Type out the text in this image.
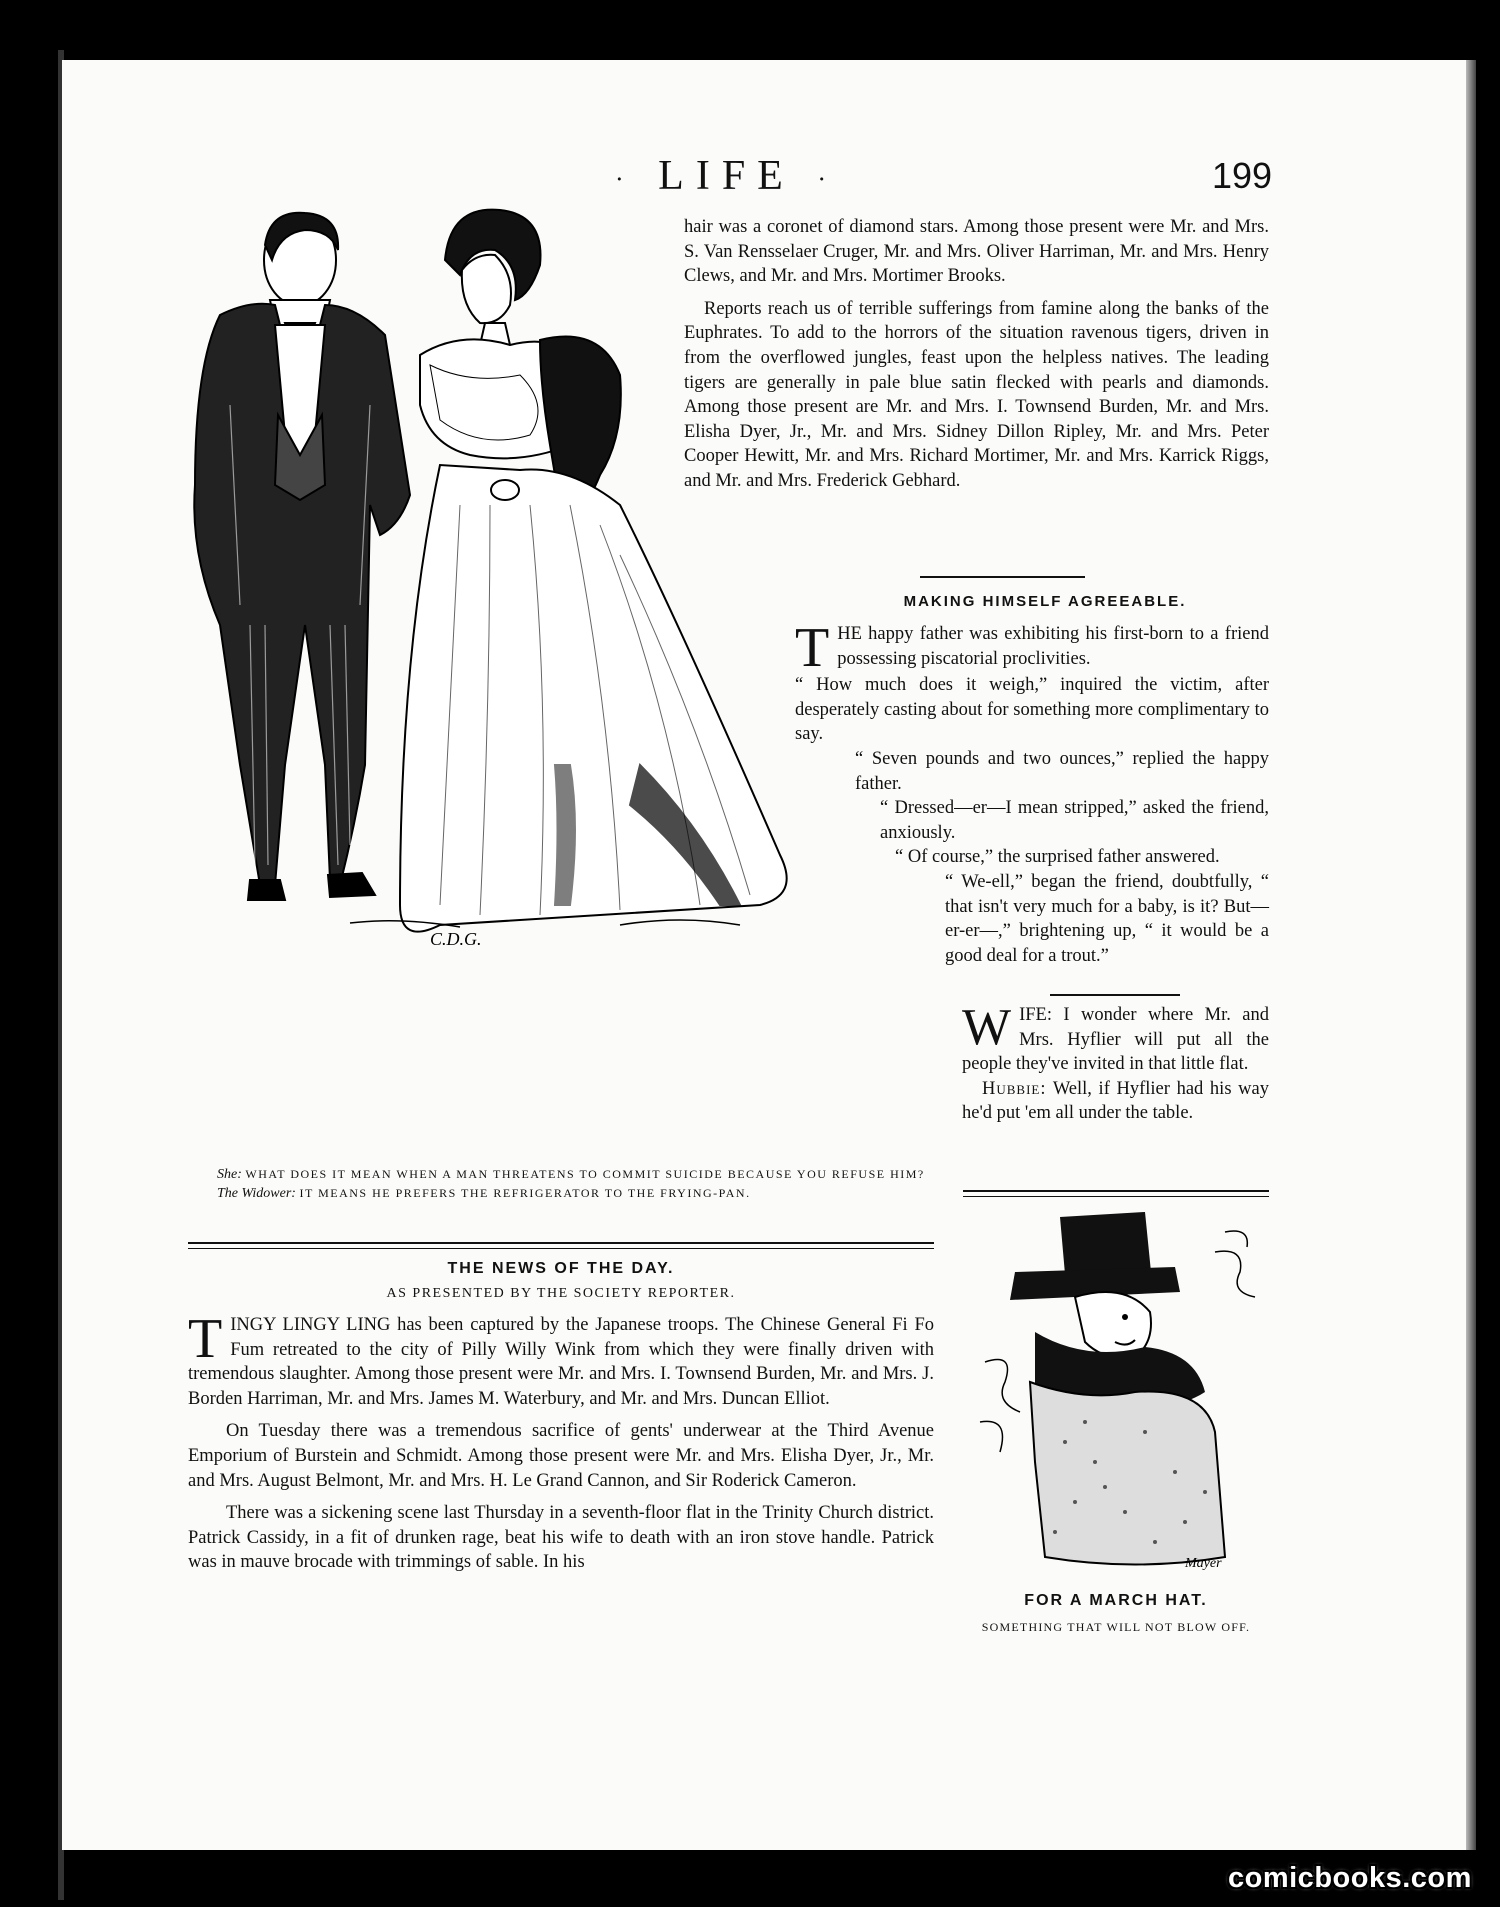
· LIFE ·	199
C.D.G.
She: WHAT DOES IT MEAN WHEN A MAN THREATENS TO COMMIT SUICIDE BECAUSE YOU REFUSE HIM?
The Widower: IT MEANS HE PREFERS THE REFRIGERATOR TO THE FRYING-PAN.

hair was a coronet of diamond stars. Among those present were Mr. and Mrs. S. Van Rensselaer Cruger, Mr. and Mrs. Oliver Harriman, Mr. and Mrs. Henry Clews, and Mr. and Mrs. Mortimer Brooks.

Reports reach us of terrible sufferings from famine along the banks of the Euphrates. To add to the horrors of the situation ravenous tigers, driven in from the overflowed jungles, feast upon the helpless natives. The leading tigers are generally in pale blue satin flecked with pearls and diamonds. Among those present are Mr. and Mrs. I. Townsend Burden, Mr. and Mrs. Elisha Dyer, Jr., Mr. and Mrs. Sidney Dillon Ripley, Mr. and Mrs. Peter Cooper Hewitt, Mr. and Mrs. Richard Mortimer, Mr. and Mrs. Karrick Riggs, and Mr. and Mrs. Frederick Gebhard.

MAKING HIMSELF AGREEABLE.

T HE happy father was exhibiting his first-born to a friend possessing piscatorial proclivities.

“ How much does it weigh,” inquired the victim, after desperately casting about for something more complimentary to say.

“ Seven pounds and two ounces,” replied the happy father.

“ Dressed—er—I mean stripped,” asked the friend, anxiously.

“ Of course,” the surprised father answered.

“ We-ell,” began the friend, doubtfully, “ that isn't very much for a baby, is it? But—er-er—,” brightening up, “ it would be a good deal for a trout.”

W IFE: I wonder where Mr. and Mrs. Hyflier will put all the people they've invited in that little flat.

Hubbie: Well, if Hyflier had his way he'd put 'em all under the table.

THE NEWS OF THE DAY.
AS PRESENTED BY THE SOCIETY REPORTER.

T INGY LINGY LING has been captured by the Japanese troops. The Chinese General Fi Fo Fum retreated to the city of Pilly Willy Wink from which they were finally driven with tremendous slaughter. Among those present were Mr. and Mrs. I. Townsend Burden, Mr. and Mrs. J. Borden Harriman, Mr. and Mrs. James M. Waterbury, and Mr. and Mrs. Duncan Elliot.

On Tuesday there was a tremendous sacrifice of gents' underwear at the Third Avenue Emporium of Burstein and Schmidt. Among those present were Mr. and Mrs. Elisha Dyer, Jr., Mr. and Mrs. August Belmont, Mr. and Mrs. H. Le Grand Cannon, and Sir Roderick Cameron.

There was a sickening scene last Thursday in a seventh-floor flat in the Trinity Church district. Patrick Cassidy, in a fit of drunken rage, beat his wife to death with an iron stove handle. Patrick was in mauve brocade with trimmings of sable. In his	Mayer
FOR A MARCH HAT.
SOMETHING THAT WILL NOT BLOW OFF.
comicbooks.com
